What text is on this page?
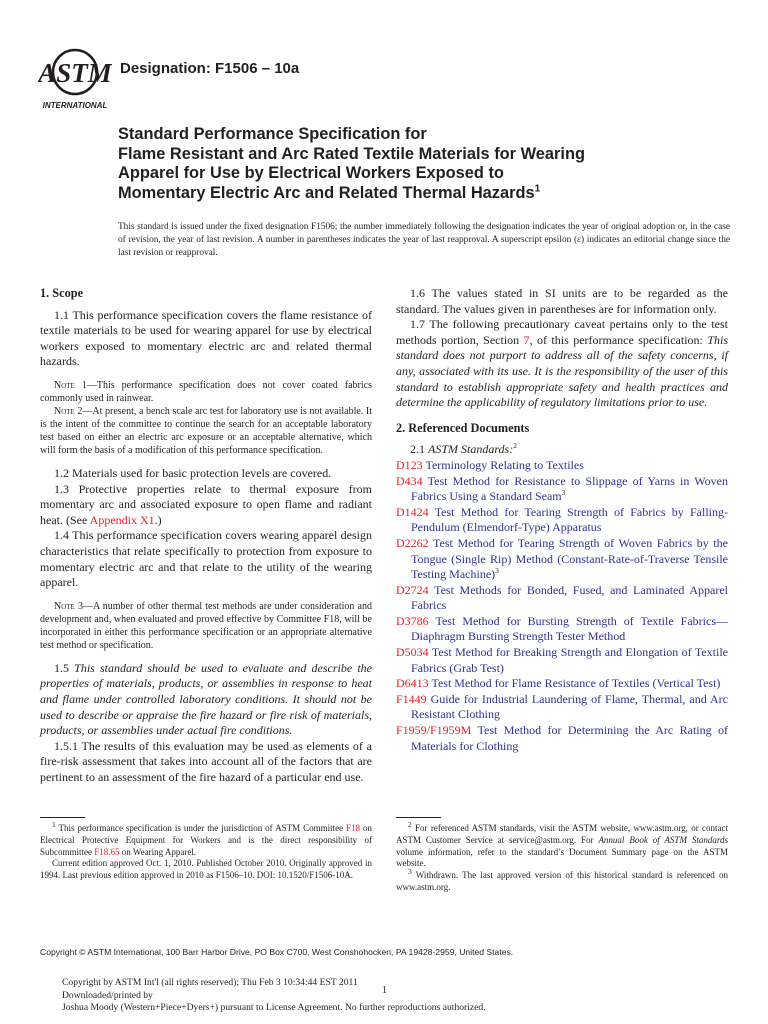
ASTM
INTERNATIONAL
Designation: F1506 – 10a
Standard Performance Specification for
Flame Resistant and Arc Rated Textile Materials for Wearing
Apparel for Use by Electrical Workers Exposed to
Momentary Electric Arc and Related Thermal Hazards$^1$
This standard is issued under the fixed designation F1506; the number immediately following the designation indicates the year of original adoption or, in the case of revision, the year of last revision. A number in parentheses indicates the year of last reapproval. A superscript epsilon (ε) indicates an editorial change since the last revision or reapproval.
1. Scope

1.1 This performance specification covers the flame resistance of textile materials to be used for wearing apparel for use by electrical workers exposed to momentary electric arc and related thermal hazards.

Note 1—This performance specification does not cover coated fabrics commonly used in rainwear.

Note 2—At present, a bench scale arc test for laboratory use is not available. It is the intent of the committee to continue the search for an acceptable laboratory test based on either an electric arc exposure or an acceptable alternative, which will form the basis of a modification of this performance specification.

1.2 Materials used for basic protection levels are covered.

1.3 Protective properties relate to thermal exposure from momentary arc and associated exposure to open flame and radiant heat. (See Appendix X1.)

1.4 This performance specification covers wearing apparel design characteristics that relate specifically to protection from exposure to momentary electric arc and that relate to the utility of the wearing apparel.

Note 3—A number of other thermal test methods are under consideration and development and, when evaluated and proved effective by Committee F18, will be incorporated in either this performance specification or an appropriate alternative test method or specification.

1.5 This standard should be used to evaluate and describe the properties of materials, products, or assemblies in response to heat and flame under controlled laboratory conditions. It should not be used to describe or appraise the fire hazard or fire risk of materials, products, or assemblies under actual fire conditions.

1.5.1 The results of this evaluation may be used as elements of a fire-risk assessment that takes into account all of the factors that are pertinent to an assessment of the fire hazard of a particular end use.

1.6 The values stated in SI units are to be regarded as the standard. The values given in parentheses are for information only.

1.7 The following precautionary caveat pertains only to the test methods portion, Section 7, of this performance specification: This standard does not purport to address all of the safety concerns, if any, associated with its use. It is the responsibility of the user of this standard to establish appropriate safety and health practices and determine the applicability of regulatory limitations prior to use.

2. Referenced Documents

2.1 ASTM Standards:$^2$

D123 Terminology Relating to Textiles

D434 Test Method for Resistance to Slippage of Yarns in Woven Fabrics Using a Standard Seam$^3$

D1424 Test Method for Tearing Strength of Fabrics by Falling-Pendulum (Elmendorf-Type) Apparatus

D2262 Test Method for Tearing Strength of Woven Fabrics by the Tongue (Single Rip) Method (Constant-Rate-of-Traverse Tensile Testing Machine)$^3$

D2724 Test Methods for Bonded, Fused, and Laminated Apparel Fabrics

D3786 Test Method for Bursting Strength of Textile Fabrics—Diaphragm Bursting Strength Tester Method

D5034 Test Method for Breaking Strength and Elongation of Textile Fabrics (Grab Test)

D6413 Test Method for Flame Resistance of Textiles (Vertical Test)

F1449 Guide for Industrial Laundering of Flame, Thermal, and Arc Resistant Clothing

F1959/F1959M Test Method for Determining the Arc Rating of Materials for Clothing

$^1$ This performance specification is under the jurisdiction of ASTM Committee F18 on Electrical Protective Equipment for Workers and is the direct responsibility of Subcommittee F18.65 on Wearing Apparel.

Current edition approved Oct. 1, 2010. Published October 2010. Originally approved in 1994. Last previous edition approved in 2010 as F1506–10. DOI: 10.1520/F1506-10A.

$^2$ For referenced ASTM standards, visit the ASTM website, www.astm.org, or contact ASTM Customer Service at service@astm.org. For Annual Book of ASTM Standards volume information, refer to the standard’s Document Summary page on the ASTM website.

$^3$ Withdrawn. The last approved version of this historical standard is referenced on www.astm.org.

Copyright © ASTM International, 100 Barr Harbor Drive, PO Box C700, West Conshohocken, PA 19428-2959, United States.
Copyright by ASTM Int'l (all rights reserved); Thu Feb 3 10:34:44 EST 2011
Downloaded/printed by
Joshua Moody (Western+Piece+Dyers+) pursuant to License Agreement. No further reproductions authorized.
1
